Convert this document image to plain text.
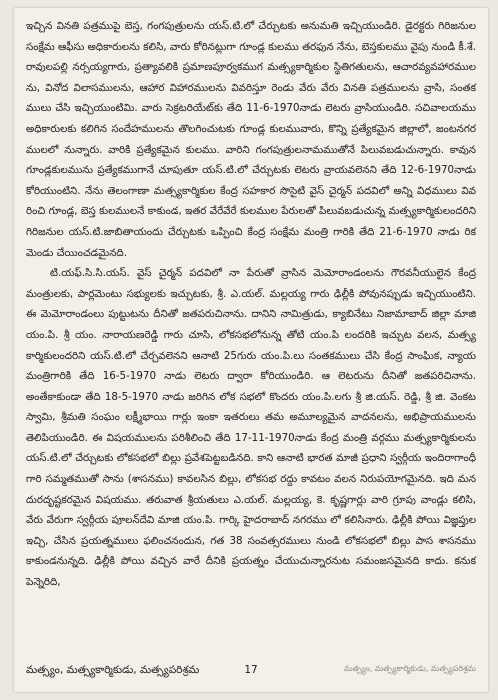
ఇచ్చిన వినతి పత్రముపై బెస్త, గంగపుత్రులను యస్.టి.లో చేర్చుటకు అనుమతి ఇచ్చియుండిరి. డైరక్టరు గిరిజనుల సంక్షేమ ఆఫీసు అధికారులను కలిసి, వారు కోరినట్లుగా గూండ్ల కులము తరఫున నేను, బెస్తకులము వైపు నుండి కీ.శే. రావులపల్లి నర్సయ్యగారు, ప్రత్యావలికి ప్రమాణపూర్వకముగ మత్స్యకార్మికుల స్థితిగతులను, ఆచారవ్యవహారములను, వినోద విలాసములను, ఆహార విహారములను వివరిస్తూ రెండు వేరు వేరు వినతి పత్రములను వ్రాసి, సంతకములు చేసి ఇచ్చియుంటిమి. వారు సెక్రటరియేట్‌కు తేది 11-6-1970నాడు లెటరు వ్రాసియుండిరి. సచివాలయము అధికారులకు కలిగిన సందేహములను తొలగించుటకు గూండ్ల కులమువారు, కొన్ని ప్రత్యేకమైన జిల్లాలో, జంటనగరములలో నున్నారు. వారికి ప్రత్యేకమైన కులము. వారిని గంగపుత్రులనామముతోనే పిలువబడుచున్నారు. కావున గూండ్లకులమును ప్రత్యేకముగానే చూపుతూ యస్.టి.లో చేర్చుటకు లెటరు వ్రాయవలెనని తేది 12-6-1970నాడు కోరియుంటిని. నేను తెలంగాణా మత్స్యకార్మికుల కేంద్ర సహకార సొసైటి వైస్ చైర్మన్ పదవిలో అన్ని విధములు వివరించి గూండ్ల, బెస్త కులములనే కాకుండ, ఇతర వేరేవేరే కులముల పేరులతో పిలువబడుచున్న మత్స్యకార్మికులందరిని గిరిజనుల యస్.టి.జాబితాయందు చేర్చుటకు ఒప్పించి కేంద్ర సంక్షేమ మంత్రి గారికి తేది 21-6-1970 నాడు రికమెండు చేయించడమైనది.

టి.యఫ్.సి.సి.యస్. వైస్ చైర్మన్ పదవిలో నా పేరుతో వ్రాసిన మెమోరాండంలను గౌరవనీయులైన కేంద్ర మంత్రులకు, పార్లమెంటు సభ్యులకు ఇచ్చుటకు, శ్రీ. ఎ.యల్. మల్లయ్య గారు ఢిల్లీకి పోవునప్పుడు ఇచ్చియుంటిని. ఈ మెమోరాండంలు పుట్టుటను దీనితో జతపరుచినాను. దానిని నామిత్రుడు, క్యాబినేటు నిజామాబాద్ జిల్లా మాజి యం.పి. శ్రీ యం. నారాయణరెడ్డి గారు చూసి, లోకసభలోనున్న తోటి యం.పి లందరికి ఇచ్చుట వలన, మత్స్యకార్మికులందరిని యస్.టి.లో చేర్చవలెనని ఆనాటి 25గురు యం.పి.లు సంతకములు చేసి కేంద్ర సాంఘిక, న్యాయమంత్రిగారికి తేది 16-5-1970 నాడు లెటరు ద్వారా కోరియుండిరి. ఆ లెటరును దీనితో జతపరిచినాను. అంతేకాకుండా తేది 18-5-1970 నాడు జరిగిన లోక సభలో కొందరు యం.పి.లగు శ్రీ జి.యస్. రెడ్డి, శ్రీ జి. వెంకటస్వామి, శ్రీమతి సంఘం లక్ష్మీభాయి గార్లు ఇంకా ఇతరులు తమ అమూల్యమైన వాదనలను, అభిప్రాయములను తెలిపియుండిరి. ఈ విషయములను పరిశీలించి తేది 17-11-1970నాడు కేంద్ర మంత్రి వర్గము మత్స్యకార్మికులను యస్.టి.లో చేర్చుటకు లోకసభలో బిల్లు ప్రవేశపెట్టబడినది. కాని ఆనాటి భారత మాజీ ప్రధాని స్వర్గీయ ఇందిరాగాంధీ గారి సమ్మతముతో సాను (శాసనము) కావలసిన బిల్లు, లోకసభ రద్దు కావటం వలన నిరుపయోగమైనది. ఇది మన దురదృష్టకరమైన విషయము. తరువాత శ్రీయతులు ఎ.యల్. మల్లయ్య, కె. కృష్ణగార్లు వారి గ్రూపు వాండ్లు కలిసి, వేరు వేరుగా స్వర్గీయ పూలన్‌దేవి మాజి యం.పి. గార్కి హైదరాబాద్ నగరము లో కలిసినారు. ఢిల్లీకి పోయి విజ్ఞప్తుల ఇచ్చి, చేసిన ప్రయత్నములు ఫలించనందున, గత 38 సంవత్సరములు నుండి లోకసభలో బిల్లు పాస శాసనము కాకుండనున్నది. ఢిల్లీకి పోయి వచ్చిన వారే దీనికి ప్రయత్నం చేయుచున్నారనుట సమంజసమైనది కాదు. కనుక పెన్నెరిది,

మత్స్యం, మత్స్యకార్మికుడు, మత్స్యపరిశ్రమ	17	మత్స్యం, మత్స్యకార్మికుడు, మత్స్యపరిశ్రమ
